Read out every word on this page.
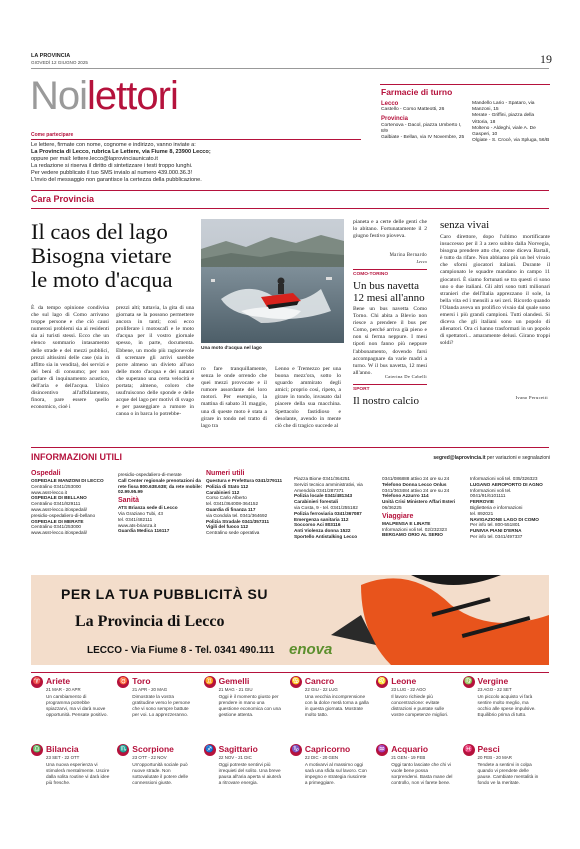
LA PROVINCIA
GIOVEDÌ 12 GIUGNO 2025	19
Noilettori
Come partecipare
Le lettere, firmate con nome, cognome e indirizzo, vanno inviate a:
La Provincia di Lecco, rubrica Le Lettere, via Fiume 8, 23900 Lecco;
oppure per mail: lettere.lecco@laprovinciaunicato.it
La redazione si riserva il diritto di sintetizzare i testi troppo lunghi.
Per vedere pubblicato il tuo SMS invialo al numero 439.000.36.3!
L'invio del messaggio non garantisce la certezza della pubblicazione.
Farmacie di turno
Lecco
Castello - Corso Matteotti, 26
Provincia
Cortenova - Dacol, piazza Umberto I, 8/9
Galbiate - Bellan, via IV Novembre, 25
Mandello Lario - Spataro, via Manzoni, 15
Merate - Griffini, piazza della Vittoria, 18
Molteno - Aldeghi, viale A. De Gasperi, 10
Olgiate - S. Crocè, via Spluga, 56/B
Cara Provincia
Il caos del lago
Bisogna vietare
le moto d'acqua
Una moto d'acqua nel lago
È da tempo opinione condivisa che sul lago di Como arrivano troppe persone e che ciò causi numerosi problemi sia ai residenti sia ai turisti stessi. Ecco che un elenco sommario intasamento delle strade e dei mezzi pubblici, prezzi altissimi delle case (sia in affitto sia in vendita), dei servizi e dei beni di consumo; per non parlare di inquinamento acustico, dell'aria e dell'acqua. Unico disincentivo all'affollamento, finora, pare essere quello economico, cioè i
prezzi alti; tuttavia, la gita di una giornata se la possono permettere ancora in tanti; cosi ecco proliferare i motoscafi e le moto d'acqua per il vostro giornale spesso, in parte, documenta. Ebbene, un modo più ragionevole di scremare gli arrivi sarebbe porre almeno un divieto all'uso delle moto d'acqua e dei natanti che superano una certa velocità e portata; almeno, coloro che usufruiscono delle sponde e delle acque del lago per motivi di svago e per passeggiare a rumore in canoa o in barca lo potrebbe-
ro fare tranquillamente, senza le onde orrendo che quei mezzi provocate e il rumore assordante dei loro motori. Per esempio, la mattina di sabato 31 maggio, una di queste moto è stata a girare in tondo nel tratto di lago tra
Lenno e Tremezzo per una buona mezz'ora, sotto lo sguardo ammirato degli amici; proprio così, ripeto, a girare in tondo, invasato dal piacere della sua macchina. Spettacolo fastidioso e desolante, avendo in mente ciò che di tragico succede al
pianeta e a certe delle genti che lo abitano. Fortunatamente il 2 giugno festivo pioveva.
Marina Bernardo
Lecco
COMO-TORINO
Un bus navetta
12 mesi all'anno
Bene un bus navetta Como Torno. Chi abita a Blevio non riesce a prendere il bus per Como, perché arriva già pieno e non si ferma neppure. I mesi tipoti non fanno più neppure l'abbonamento, dovendo farsi accompagnare da varie madri a turno. W il bus navetta, 12 mesi all'anno.
Caterina De Cabelli
SPORT
Il nostro calcio
senza vivai
Caro direttore, dopo l'ultimo mortificante insuccesso per il 3 a zero subito dalla Norvegia, bisogna prendere atto che, come diceva Bartali, è tutto da rifare. Non abbiamo più un bel vivaio che sforni giocatori italiani. Durante il campionato le squadre mandano in campo 11 giocatori. È siamo fortunati se tra questi ci sono uno o due italiani. Gli altri sono tutti milionari stranieri che dell'Italia apprezzano il sole, la bella vita ed i mensili a sei zeri. Ricordo quando l'Olanda aveva un prolifico vivaio dal quale sono emersi i più grandi campioni. Tutti olandesi. Si diceva che gli italiani sono un popolo di allenatori. Ora ci hanno trasformati in un popolo di spettatori... amaramente delusi. Girano troppi soldi?
Ivano Perucetti
INFORMAZIONI UTILI	segred@laprovincia.it per variazioni e segnalazioni
Ospedali
OSPEDALE MANZONI DI LECCO
Centralino 0341/253000
www.asst-lecco.it
OSPEDALE DI BELLANO
Centralino 0341/829111
www.asst-lecco.it/ospedali/
presidio-ospedaliero-di-bellano
OSPEDALE DI MERATE
Centralino 0341/253000
www.asst-lecco.it/ospedali/
presidio-ospedaliero-di-merate
Call Center regionale prenotazioni da rete fissa 800.638.638; da rete mobile: 02.99.95.99
Sanità
ATS Brianza sede di Lecco
Via Graziano Tubi, 43
tel. 0341/482111
www.ats-brianza.it
Guardia Medica 116117
Numeri utili
Questura e Prefettura 0341/279111
Polizia di Stato 112
Carabinieri 112
Corso Carlo Alberto
tel. 0341/364008-364152
Guardia di finanza 117
via Gondola tel. 0341/364692
Polizia Stradale 0341/357311
Vigili del fuoco 112
Centralino sede operativa
Piazza Bione 0341/364251
Servizi tecnico amministrativi, via
Amendola 0341/287371
Polizia locale 0341/481343
Carabinieri forestali
via Costa, 9 - tel. 0341/255182
Polizia ferroviaria 0341/367087
Emergenza sanitaria 112
Soccorso Aci 803116
Anti Violenza donna 1522
Sportello Antistalking Lecco
0341/086888 attivo 24 ore su 24
Telefono Donna Lecco Onlus
0341/363484 attivo 24 ore su 24
Telefono Azzurro 114
Unità Crisi Ministero Affari Esteri
06/36225
Viaggiare
MALPENSA E LINATE
Informazioni voli tel. 02/232323
BERGAMO ORIO AL SERIO
Informazioni voli tel. 035/326323
LUGANO AEROPORTO DI AGNO
Informazioni voli tel.
0041/91/6101111
FERROVIE
Biglietteria e informazioni
tel. 892021
NAVIGAZIONE LAGO DI COMO
Per info tel. 800-551801
FUNIVIA PIANI D'ERNA
Per info tel. 0341/497337
PER LA TUA PUBBLICITÀ SU
La Provincia di Lecco
LECCO - Via Fiume 8 - Tel. 0341 490.111 enova
♈ Ariete
21 MAR - 20 APR
Un cambiamento di programma potrebbe spiazzarvi, ma vi darà nuove opportunità. Pensate positivo.
♉ Toro
21 APR - 20 MAG
Dimostrate la vostra gratitudine verso le persone che vi sono sempre battute per voi. Lo apprezzeranno.
♊ Gemelli
21 MAG - 21 GIU
Oggi è il momento giusto per prendere in mano una questione economica con una gestione attenta.
♋ Cancro
22 GIU - 22 LUG
Una vecchia incomprensione con la dolce metà torna a galla in questa giornata. Mostrate molto tatto.
♌ Leone
23 LUG - 22 AGO
Il lavoro richiede più concentrazione: evitate distrazioni e puntate sulle vostre competenze migliori.
♍ Vergine
23 AGO - 22 SET
Un piccolo acquisto vi farà sentire molto meglio, ma occhio alle spese impulsive. Equilibrio prima di tutto.
♎ Bilancia
23 SET - 22 OTT
Una nuova esperienza vi stimolerà mentalmente. Uscire dalla solita routine vi darà idee più fresche.
♏ Scorpione
23 OTT - 22 NOV
Un'opportunità sociale può nuove strade. Non sottovalutate il potere delle connessioni giuste.
♐ Sagittario
22 NOV - 21 DIC
Oggi potreste sentirvi più irrequieti del solito. Una breve pausa all'aria aperta vi aiuterà a ritrovare energia.
♑ Capricorno
22 DIC - 20 GEN
A motivarvi al massimo oggi sarà una sfida sul lavoro. Con impegno e strategia riuscirete a primeggiare.
♒ Acquario
21 GEN - 19 FEB
Oggi tanto lasciate che chi vi vuole bene possa sorprendervi. Basta mane del controllo, non vi farete bene.
♓ Pesci
20 FEB - 20 MAR
Tendete a sentirvi in colpa quando vi prendete delle pause. Cambiate mentalità in fondo ve la meritate.
